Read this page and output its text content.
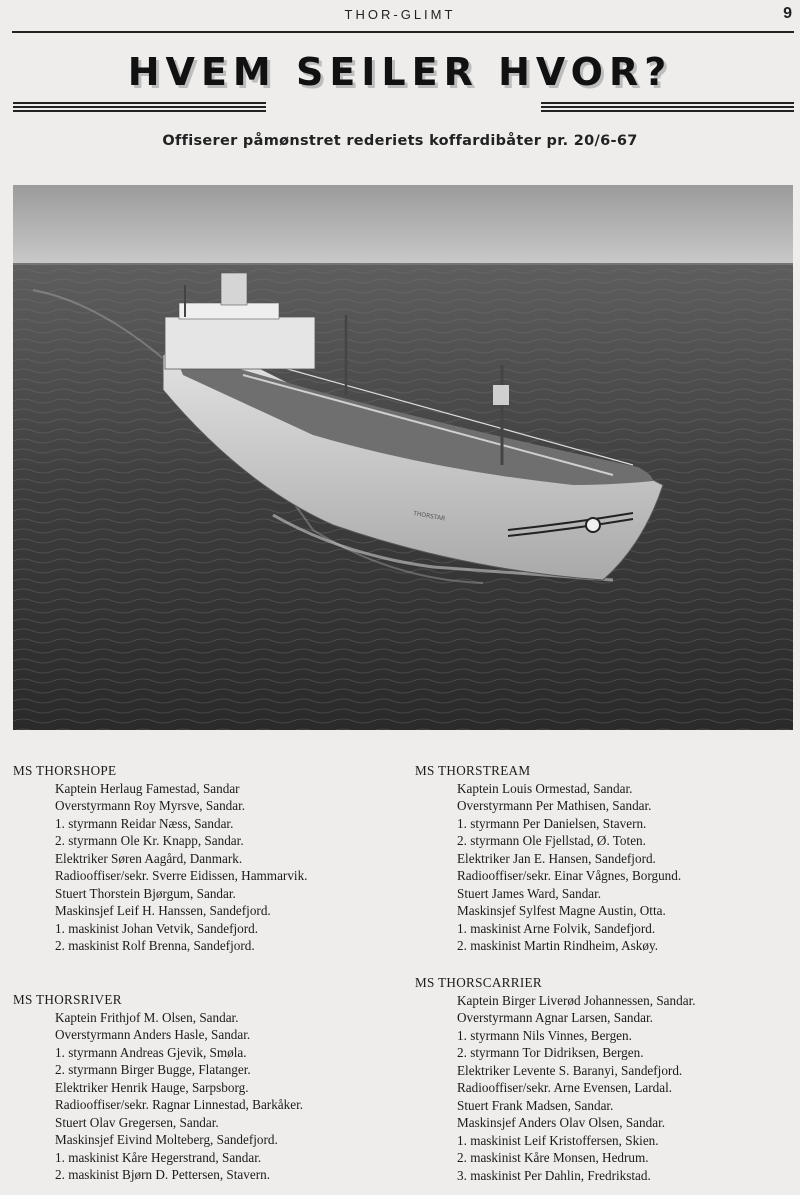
THOR-GLIMT	9
HVEM SEILER HVOR?
Offiserer påmønstret rederiets koffardibåter pr. 20/6-67
THORSTAR
MS THORSHOPE
Kaptein Herlaug Famestad, Sandar
Overstyrmann Roy Myrsve, Sandar.
1. styrmann Reidar Næss, Sandar.
2. styrmann Ole Kr. Knapp, Sandar.
Elektriker Søren Aagård, Danmark.
Radiooffiser/sekr. Sverre Eidissen, Hammarvik.
Stuert Thorstein Bjørgum, Sandar.
Maskinsjef Leif H. Hanssen, Sandefjord.
1. maskinist Johan Vetvik, Sandefjord.
2. maskinist Rolf Brenna, Sandefjord.
MS THORSRIVER
Kaptein Frithjof M. Olsen, Sandar.
Overstyrmann Anders Hasle, Sandar.
1. styrmann Andreas Gjevik, Smøla.
2. styrmann Birger Bugge, Flatanger.
Elektriker Henrik Hauge, Sarpsborg.
Radiooffiser/sekr. Ragnar Linnestad, Barkåker.
Stuert Olav Gregersen, Sandar.
Maskinsjef Eivind Molteberg, Sandefjord.
1. maskinist Kåre Hegerstrand, Sandar.
2. maskinist Bjørn D. Pettersen, Stavern.
MS THORSTREAM
Kaptein Louis Ormestad, Sandar.
Overstyrmann Per Mathisen, Sandar.
1. styrmann Per Danielsen, Stavern.
2. styrmann Ole Fjellstad, Ø. Toten.
Elektriker Jan E. Hansen, Sandefjord.
Radiooffiser/sekr. Einar Vågnes, Borgund.
Stuert James Ward, Sandar.
Maskinsjef Sylfest Magne Austin, Otta.
1. maskinist Arne Folvik, Sandefjord.
2. maskinist Martin Rindheim, Askøy.
MS THORSCARRIER
Kaptein Birger Liverød Johannessen, Sandar.
Overstyrmann Agnar Larsen, Sandar.
1. styrmann Nils Vinnes, Bergen.
2. styrmann Tor Didriksen, Bergen.
Elektriker Levente S. Baranyi, Sandefjord.
Radiooffiser/sekr. Arne Evensen, Lardal.
Stuert Frank Madsen, Sandar.
Maskinsjef Anders Olav Olsen, Sandar.
1. maskinist Leif Kristoffersen, Skien.
2. maskinist Kåre Monsen, Hedrum.
3. maskinist Per Dahlin, Fredrikstad.
